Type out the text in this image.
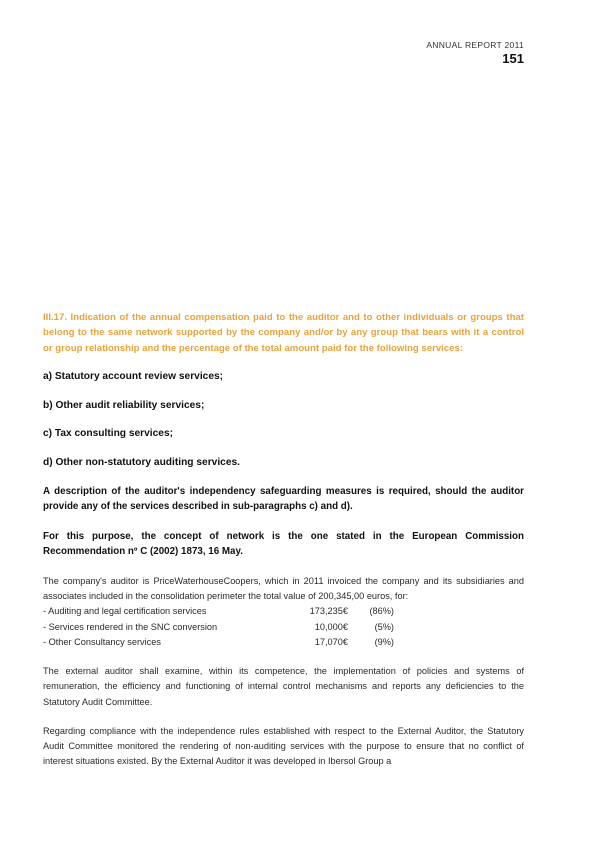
ANNUAL REPORT 2011
151
III.17. Indication of the annual compensation paid to the auditor and to other individuals or groups that belong to the same network supported by the company and/or by any group that bears with it a control or group relationship and the percentage of the total amount paid for the following services:
a) Statutory account review services;
b) Other audit reliability services;
c) Tax consulting services;
d) Other non-statutory auditing services.
A description of the auditor's independency safeguarding measures is required, should the auditor provide any of the services described in sub-paragraphs c) and d).
For this purpose, the concept of network is the one stated in the European Commission Recommendation nº C (2002) 1873, 16 May.
The company's auditor is PriceWaterhouseCoopers, which in 2011 invoiced the company and its subsidiaries and associates included in the consolidation perimeter the total value of 200,345,00 euros, for:
- Auditing and legal certification services	173,235€	(86%)
- Services rendered in the SNC conversion	10,000€	(5%)
- Other Consultancy services	17,070€	(9%)
The external auditor shall examine, within its competence, the implementation of policies and systems of remuneration, the efficiency and functioning of internal control mechanisms and reports any deficiencies to the Statutory Audit Committee.
Regarding compliance with the independence rules established with respect to the External Auditor, the Statutory Audit Committee monitored the rendering of non-auditing services with the purpose to ensure that no conflict of interest situations existed. By the External Auditor it was developed in Ibersol Group a
